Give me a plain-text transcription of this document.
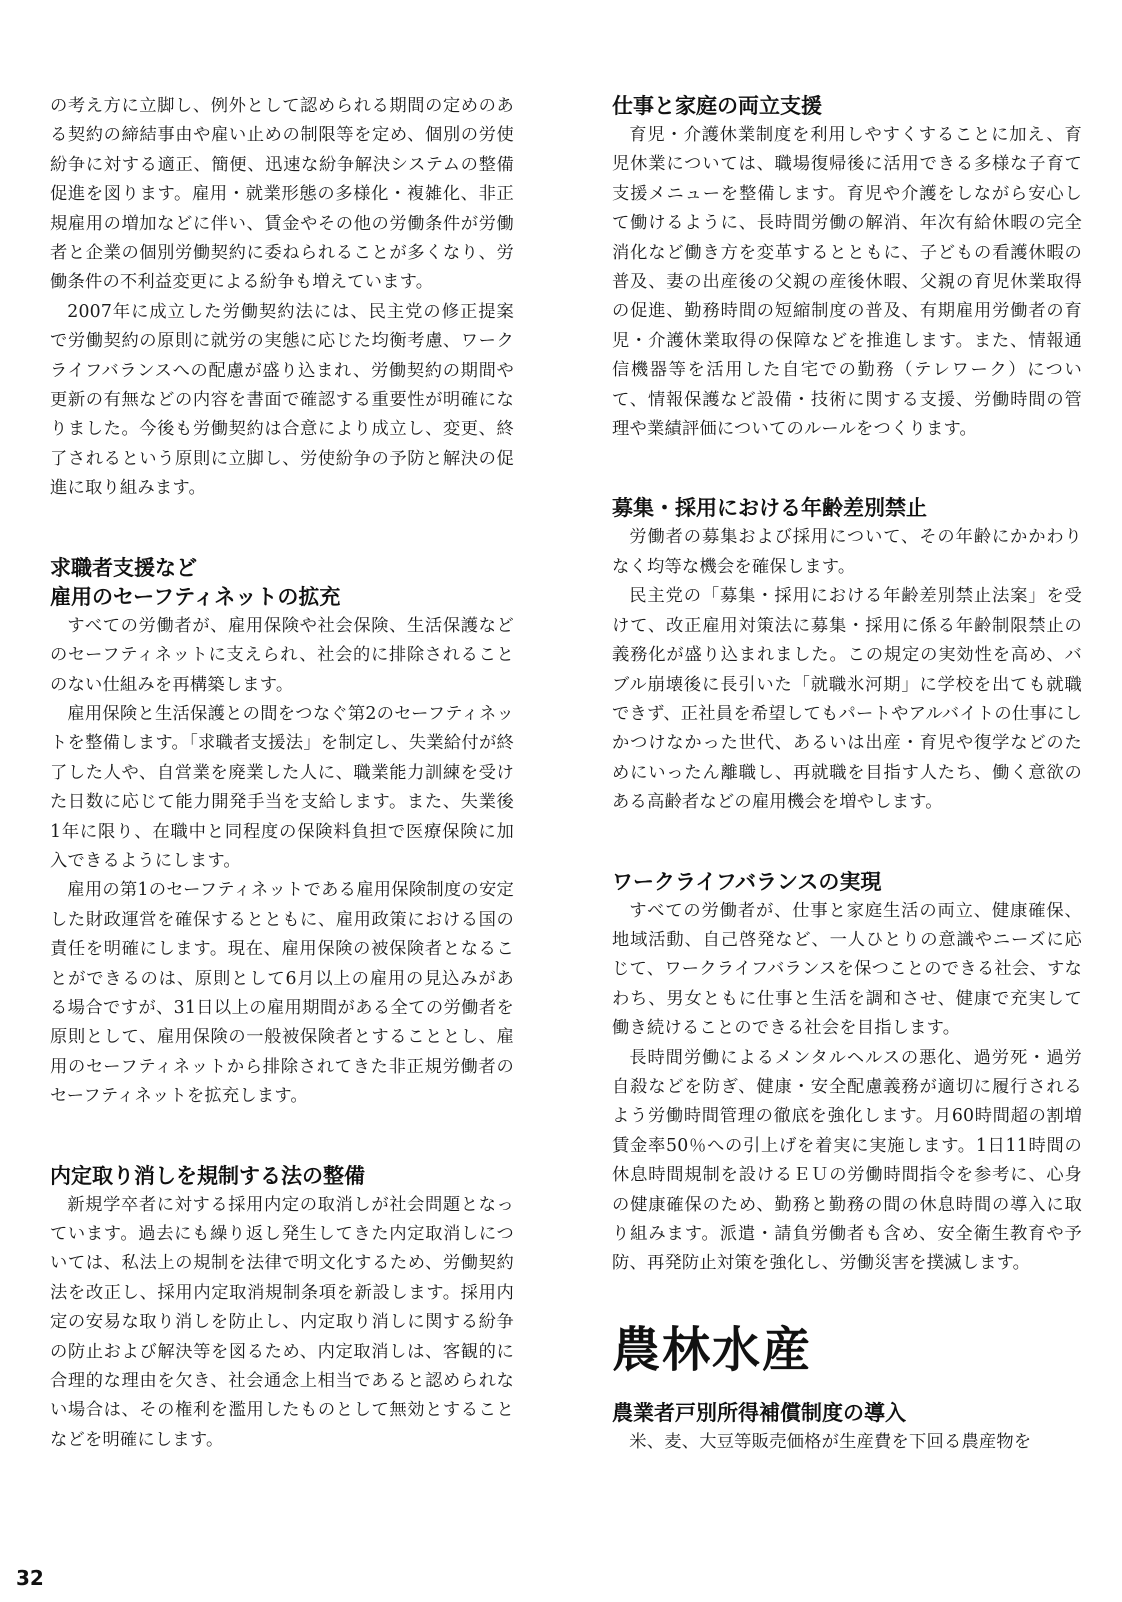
の考え方に立脚し、例外として認められる期間の定めのある契約の締結事由や雇い止めの制限等を定め、個別の労使紛争に対する適正、簡便、迅速な紛争解決システムの整備促進を図ります。雇用・就業形態の多様化・複雑化、非正規雇用の増加などに伴い、賃金やその他の労働条件が労働者と企業の個別労働契約に委ねられることが多くなり、労働条件の不利益変更による紛争も増えています。

2007年に成立した労働契約法には、民主党の修正提案で労働契約の原則に就労の実態に応じた均衡考慮、ワークライフバランスへの配慮が盛り込まれ、労働契約の期間や更新の有無などの内容を書面で確認する重要性が明確になりました。今後も労働契約は合意により成立し、変更、終了されるという原則に立脚し、労使紛争の予防と解決の促進に取り組みます。

求職者支援など
雇用のセーフティネットの拡充

すべての労働者が、雇用保険や社会保険、生活保護などのセーフティネットに支えられ、社会的に排除されることのない仕組みを再構築します。

雇用保険と生活保護との間をつなぐ第2のセーフティネットを整備します。「求職者支援法」を制定し、失業給付が終了した人や、自営業を廃業した人に、職業能力訓練を受けた日数に応じて能力開発手当を支給します。また、失業後1年に限り、在職中と同程度の保険料負担で医療保険に加入できるようにします。

雇用の第1のセーフティネットである雇用保険制度の安定した財政運営を確保するとともに、雇用政策における国の責任を明確にします。現在、雇用保険の被保険者となることができるのは、原則として6月以上の雇用の見込みがある場合ですが、31日以上の雇用期間がある全ての労働者を原則として、雇用保険の一般被保険者とすることとし、雇用のセーフティネットから排除されてきた非正規労働者のセーフティネットを拡充します。

内定取り消しを規制する法の整備

新規学卒者に対する採用内定の取消しが社会問題となっています。過去にも繰り返し発生してきた内定取消しについては、私法上の規制を法律で明文化するため、労働契約法を改正し、採用内定取消規制条項を新設します。採用内定の安易な取り消しを防止し、内定取り消しに関する紛争の防止および解決等を図るため、内定取消しは、客観的に合理的な理由を欠き、社会通念上相当であると認められない場合は、その権利を濫用したものとして無効とすることなどを明確にします。

仕事と家庭の両立支援

育児・介護休業制度を利用しやすくすることに加え、育児休業については、職場復帰後に活用できる多様な子育て支援メニューを整備します。育児や介護をしながら安心して働けるように、長時間労働の解消、年次有給休暇の完全消化など働き方を変革するとともに、子どもの看護休暇の普及、妻の出産後の父親の産後休暇、父親の育児休業取得の促進、勤務時間の短縮制度の普及、有期雇用労働者の育児・介護休業取得の保障などを推進します。また、情報通信機器等を活用した自宅での勤務（テレワーク）について、情報保護など設備・技術に関する支援、労働時間の管理や業績評価についてのルールをつくります。

募集・採用における年齢差別禁止

労働者の募集および採用について、その年齢にかかわりなく均等な機会を確保します。

民主党の「募集・採用における年齢差別禁止法案」を受けて、改正雇用対策法に募集・採用に係る年齢制限禁止の義務化が盛り込まれました。この規定の実効性を高め、バブル崩壊後に長引いた「就職氷河期」に学校を出ても就職できず、正社員を希望してもパートやアルバイトの仕事にしかつけなかった世代、あるいは出産・育児や復学などのためにいったん離職し、再就職を目指す人たち、働く意欲のある高齢者などの雇用機会を増やします。

ワークライフバランスの実現

すべての労働者が、仕事と家庭生活の両立、健康確保、地域活動、自己啓発など、一人ひとりの意識やニーズに応じて、ワークライフバランスを保つことのできる社会、すなわち、男女ともに仕事と生活を調和させ、健康で充実して働き続けることのできる社会を目指します。

長時間労働によるメンタルヘルスの悪化、過労死・過労自殺などを防ぎ、健康・安全配慮義務が適切に履行されるよう労働時間管理の徹底を強化します。月60時間超の割増賃金率50％への引上げを着実に実施します。1日11時間の休息時間規制を設けるＥＵの労働時間指令を参考に、心身の健康確保のため、勤務と勤務の間の休息時間の導入に取り組みます。派遣・請負労働者も含め、安全衛生教育や予防、再発防止対策を強化し、労働災害を撲滅します。

農林水産
農業者戸別所得補償制度の導入

米、麦、大豆等販売価格が生産費を下回る農産物を

32
